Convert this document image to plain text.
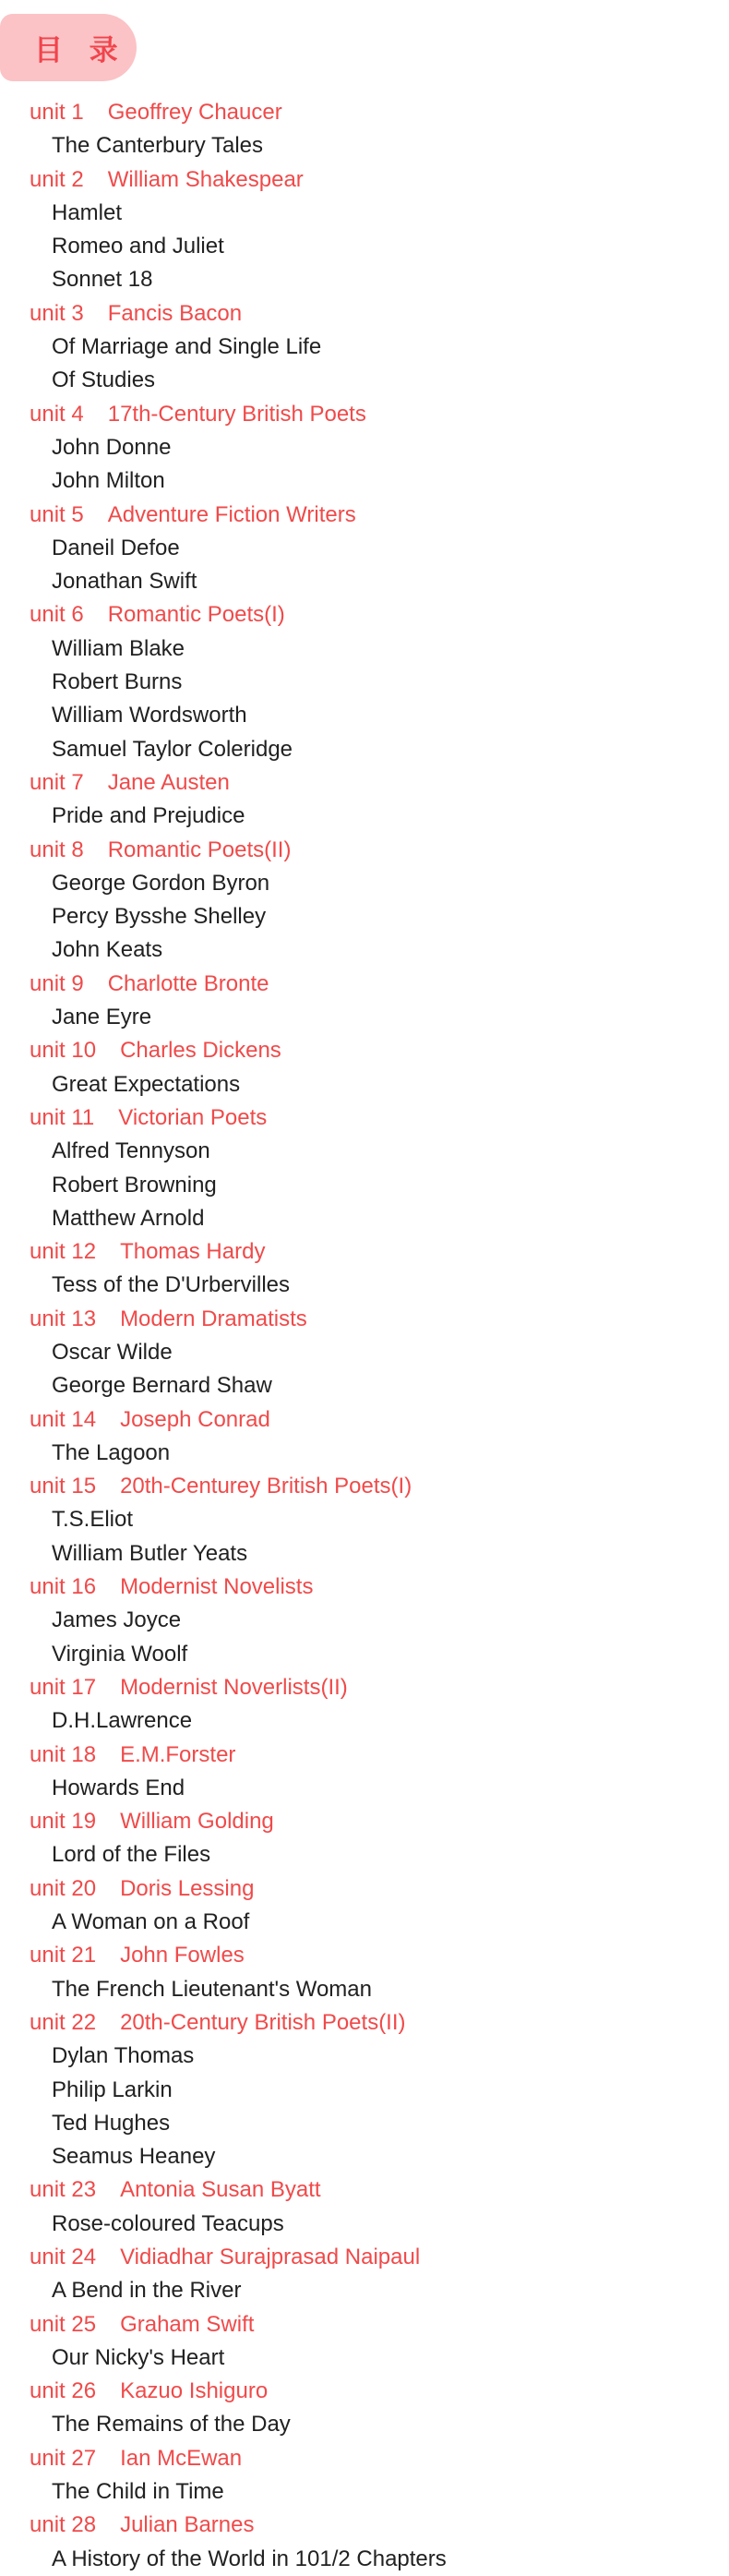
目 录
unit 1 Geoffrey Chaucer
The Canterbury Tales
unit 2 William Shakespear
Hamlet
Romeo and Juliet
Sonnet 18
unit 3 Fancis Bacon
Of Marriage and Single Life
Of Studies
unit 4 17th-Century British Poets
John Donne
John Milton
unit 5 Adventure Fiction Writers
Daneil Defoe
Jonathan Swift
unit 6 Romantic Poets(I)
William Blake
Robert Burns
William Wordsworth
Samuel Taylor Coleridge
unit 7 Jane Austen
Pride and Prejudice
unit 8 Romantic Poets(II)
George Gordon Byron
Percy Bysshe Shelley
John Keats
unit 9 Charlotte Bronte
Jane Eyre
unit 10 Charles Dickens
Great Expectations
unit 11 Victorian Poets
Alfred Tennyson
Robert Browning
Matthew Arnold
unit 12 Thomas Hardy
Tess of the D'Urbervilles
unit 13 Modern Dramatists
Oscar Wilde
George Bernard Shaw
unit 14 Joseph Conrad
The Lagoon
unit 15 20th-Centurey British Poets(I)
T.S.Eliot
William Butler Yeats
unit 16 Modernist Novelists
James Joyce
Virginia Woolf
unit 17 Modernist Noverlists(II)
D.H.Lawrence
unit 18 E.M.Forster
Howards End
unit 19 William Golding
Lord of the Files
unit 20 Doris Lessing
A Woman on a Roof
unit 21 John Fowles
The French Lieutenant's Woman
unit 22 20th-Century British Poets(II)
Dylan Thomas
Philip Larkin
Ted Hughes
Seamus Heaney
unit 23 Antonia Susan Byatt
Rose-coloured Teacups
unit 24 Vidiadhar Surajprasad Naipaul
A Bend in the River
unit 25 Graham Swift
Our Nicky's Heart
unit 26 Kazuo Ishiguro
The Remains of the Day
unit 27 Ian McEwan
The Child in Time
unit 28 Julian Barnes
A History of the World in 101/2 Chapters
